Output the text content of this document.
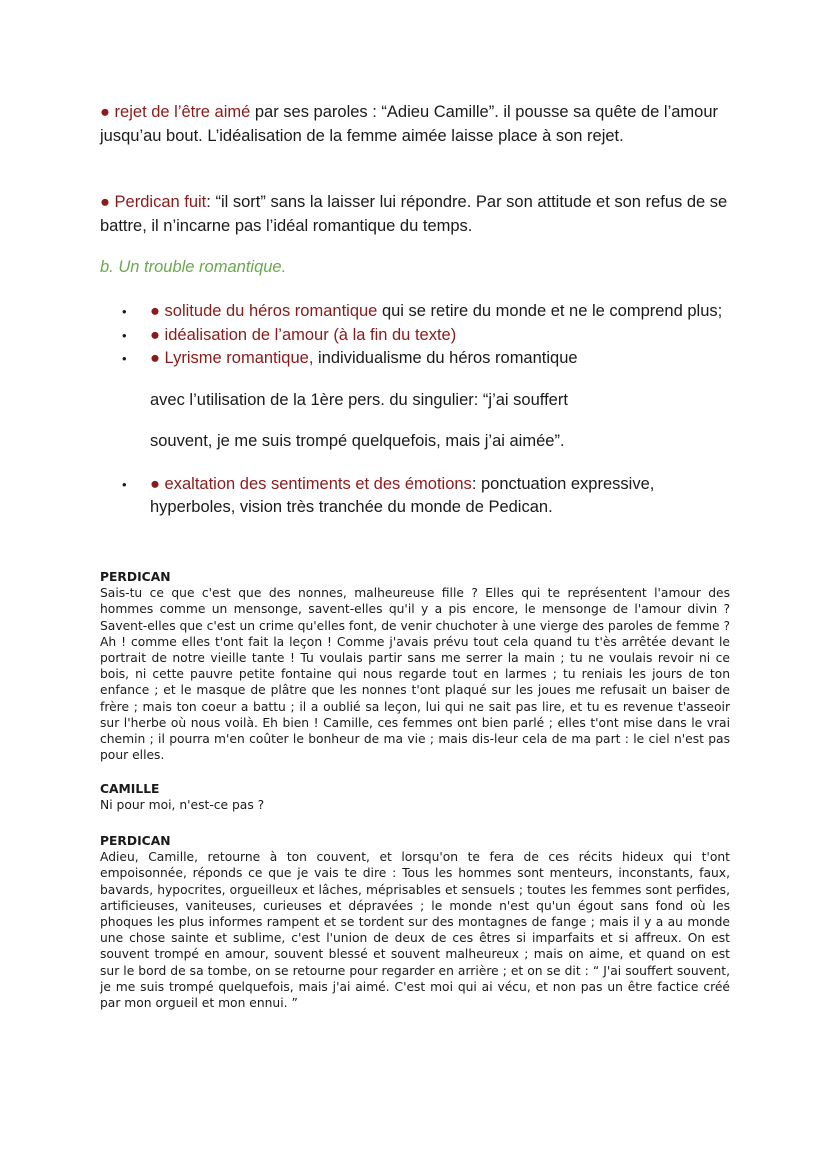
● rejet de l’être aimé par ses paroles : “Adieu Camille”. il pousse sa quête de l’amour jusqu’au bout. L’idéalisation de la femme aimée laisse place à son rejet.
● Perdican fuit: “il sort” sans la laisser lui répondre. Par son attitude et son refus de se battre, il n’incarne pas l’idéal romantique du temps.
b. Un trouble romantique.
• ● solitude du héros romantique qui se retire du monde et ne le comprend plus;
• ● idéalisation de l’amour (à la fin du texte)
• ● Lyrisme romantique, individualisme du héros romantique
avec l’utilisation de la 1ère pers. du singulier: “j’ai souffert
souvent, je me suis trompé quelquefois, mais j’ai aimée”.
• ● exaltation des sentiments et des émotions: ponctuation expressive, hyperboles, vision très tranchée du monde de Pedican.
PERDICAN
Sais-tu ce que c'est que des nonnes, malheureuse fille ? Elles qui te représentent l'amour des hommes comme un mensonge, savent-elles qu'il y a pis encore, le mensonge de l'amour divin ? Savent-elles que c'est un crime qu'elles font, de venir chuchoter à une vierge des paroles de femme ? Ah ! comme elles t'ont fait la leçon ! Comme j'avais prévu tout cela quand tu t'ès arrêtée devant le portrait de notre vieille tante ! Tu voulais partir sans me serrer la main ; tu ne voulais revoir ni ce bois, ni cette pauvre petite fontaine qui nous regarde tout en larmes ; tu reniais les jours de ton enfance ; et le masque de plâtre que les nonnes t'ont plaqué sur les joues me refusait un baiser de frère ; mais ton coeur a battu ; il a oublié sa leçon, lui qui ne sait pas lire, et tu es revenue t'asseoir sur l'herbe où nous voilà. Eh bien ! Camille, ces femmes ont bien parlé ; elles t'ont mise dans le vrai chemin ; il pourra m'en coûter le bonheur de ma vie ; mais dis-leur cela de ma part : le ciel n'est pas pour elles.
CAMILLE
Ni pour moi, n'est-ce pas ?
PERDICAN
Adieu, Camille, retourne à ton couvent, et lorsqu'on te fera de ces récits hideux qui t'ont empoisonnée, réponds ce que je vais te dire : Tous les hommes sont menteurs, inconstants, faux, bavards, hypocrites, orgueilleux et lâches, méprisables et sensuels ; toutes les femmes sont perfides, artificieuses, vaniteuses, curieuses et dépravées ; le monde n'est qu'un égout sans fond où les phoques les plus informes rampent et se tordent sur des montagnes de fange ; mais il y a au monde une chose sainte et sublime, c'est l'union de deux de ces êtres si imparfaits et si affreux. On est souvent trompé en amour, souvent blessé et souvent malheureux ; mais on aime, et quand on est sur le bord de sa tombe, on se retourne pour regarder en arrière ; et on se dit : “ J'ai souffert souvent, je me suis trompé quelquefois, mais j'ai aimé. C'est moi qui ai vécu, et non pas un être factice créé par mon orgueil et mon ennui. ”
